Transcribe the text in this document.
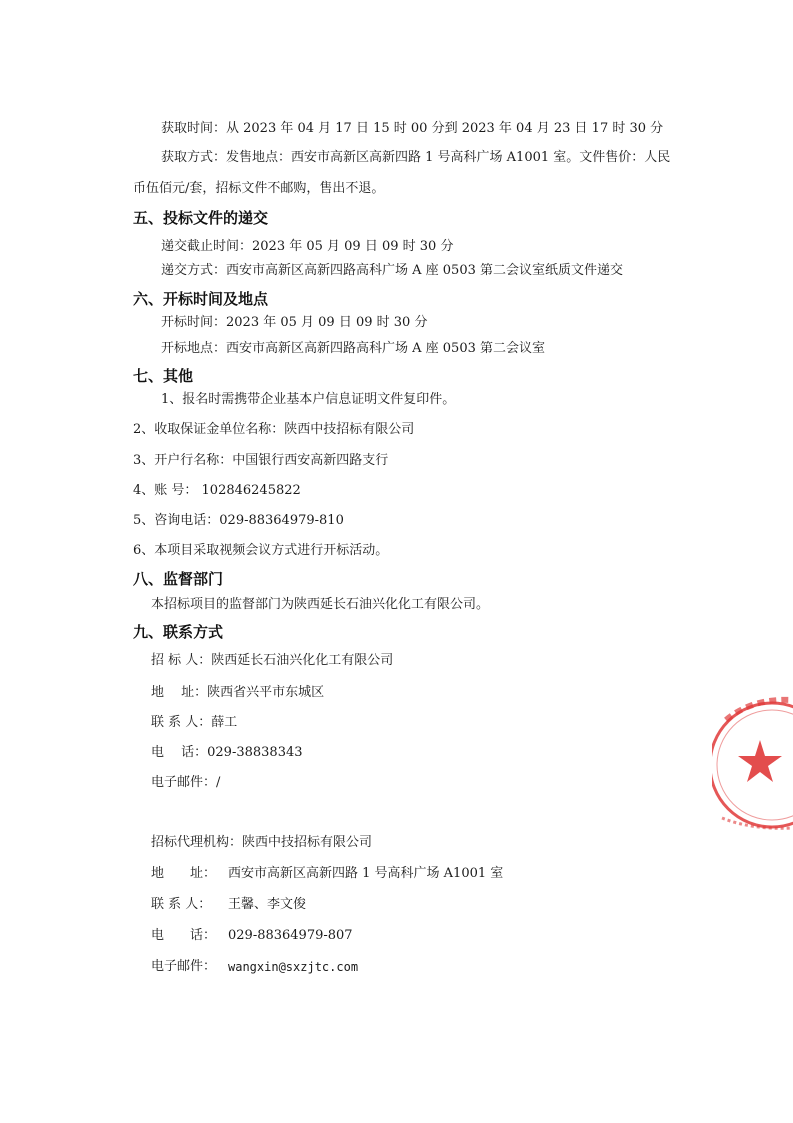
获取时间：从 2023 年 04 月 17 日 15 时 00 分到 2023 年 04 月 23 日 17 时 30 分
获取方式：发售地点：西安市高新区高新四路 1 号高科广场 A1001 室。文件售价：人民
币伍佰元/套，招标文件不邮购，售出不退。
五、投标文件的递交
递交截止时间：2023 年 05 月 09 日 09 时 30 分
递交方式：西安市高新区高新四路高科广场 A 座 0503 第二会议室纸质文件递交
六、开标时间及地点
开标时间：2023 年 05 月 09 日 09 时 30 分
开标地点：西安市高新区高新四路高科广场 A 座 0503 第二会议室
七、其他
1、报名时需携带企业基本户信息证明文件复印件。
2、收取保证金单位名称：陕西中技招标有限公司
3、开户行名称：中国银行西安高新四路支行
4、账 号： 102846245822
5、咨询电话：029-88364979-810
6、本项目采取视频会议方式进行开标活动。
八、监督部门
本招标项目的监督部门为陕西延长石油兴化化工有限公司。
九、联系方式
招 标 人：陕西延长石油兴化化工有限公司
地　 址：陕西省兴平市东城区
联 系 人：薛工
电　 话：029-38838343
电子邮件：/
招标代理机构：陕西中技招标有限公司
地　　址： 西安市高新区高新四路 1 号高科广场 A1001 室
联 系 人： 王馨、李文俊
电　　话： 029-88364979-807
电子邮件： wangxin@sxzjtc.com
